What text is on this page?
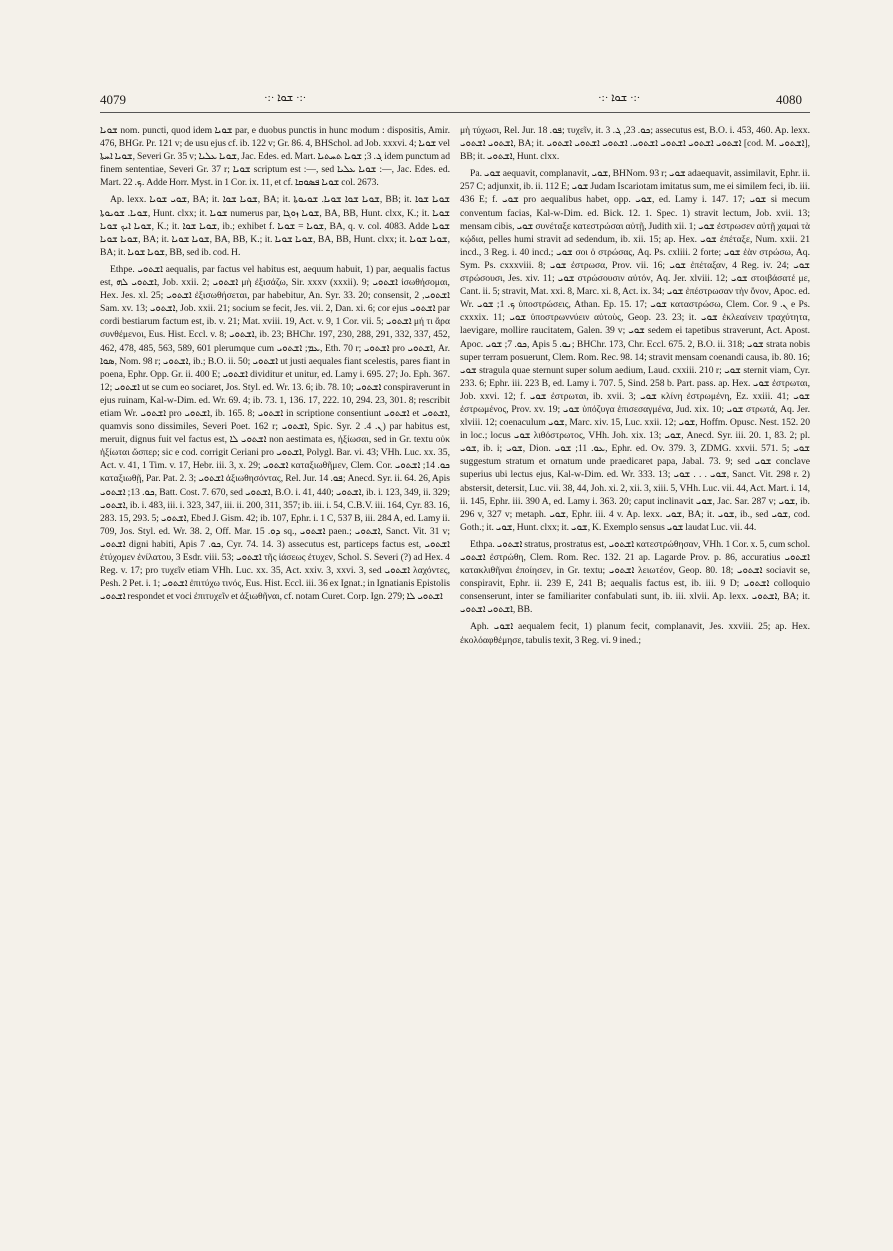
4079	·:· ܫܘܐ ·:·	·:· ܫܘܐ ·:·	4080

ܫܘܝܐ nom. puncti, quod idem ܫܘܝܐ par, e duobus punctis in hunc modum : dispositis, Amir. 476, BHGr. Pr. 121 v; de usu ejus cf. ib. 122 v; Gr. 86. 4, BHSchol. ad Job. xxxvi. 4; ܫܘܝܐ vel ܫܘܝܐ ܐܚܬܐ, Severi Gr. 35 v; ܫܘܝܐ ܥܠܝܐ, Jac. Edes. ed. Mart. ܓ. 3; ܫܘܝܐ ܬܚܬܝܐ idem punctum ad finem sententiae, Severi Gr. 37 r; ܫܘܝܐ scriptum est :—, sed ܫܘܝܐ ܥܠܝܐ :—, Jac. Edes. ed. Mart. ܟ. 22. Adde Horr. Myst. in 1 Cor. ix. 11, et cf. ܫܘܝܐ ܦܣܘܩܐ col. 2673.

Ap. lexx. ܫܘܝ ܫܘܝܐ, BA; it. ܫܘܝܐ ܫܘܐ, BA; it. ܫܘܝܐ ܫܘܐ ܫܘܝܐ. ܫܘܝܘܬܐ, BB; it. ܫܘܝܐ ܫܘܐ ܫܘܝܐ. ܫܘܝܘܬܐ, Hunt. clxx; it. ܫܘܝܐ numerus par, ܫܘܝܐ ܙܘܓܐ, BA, BB, Hunt. clxx, K.; it. ܫܘܝܐ ܫܘܝܐ ܐܝܟ ܫܘܝܐ, K.; it. ܫܘܝܐ ܫܘܐ, ib.; exhibet f. ܫܘܝܐ = ܫܘܝܐ, BA, q. v. col. 4083. Adde ܫܘܝܐ ܫܘܝܐ ܫܘܝܐ, BA; it. ܫܘܝܐ ܫܘܝܐ, BA, BB, K.; it. ܫܘܝܐ ܫܘܝܐ, BA, BB, Hunt. clxx; it. ܫܘܝܐ ܫܘܝܐ, BA; it. ܫܘܝܐ ܫܘܝܐ, BB, sed ib. cod. H.

Ethpe. ܐܫܬܘܝ aequalis, par factus vel habitus est, aequum habuit, 1) par, aequalis factus est, ܐܫܬܘܝ ܠܗ, Job. xxii. 2; ܐܫܬܘܝ μὴ ἐξισάζω, Sir. xxxv (xxxii). 9; ܐܫܬܘܝ ἰσωθήσομαι, Hex. Jes. xl. 25; ܐܫܬܘܝ ἐξισωθήσεται, par habebitur, An. Syr. 33. 20; consensit, ܐܫܬܘܝ, 2 Sam. xv. 13; ܐܫܬܘܝ, Job. xxii. 21; socium se fecit, Jes. vii. 2, Dan. xi. 6; cor ejus ܐܫܬܘܝ par cordi bestiarum factum est, ib. v. 21; Mat. xviii. 19, Act. v. 9, 1 Cor. vii. 5; ܐܫܬܘܝ μή τι ἄρα συνθέμενοι, Eus. Hist. Eccl. v. 8; ܐܫܬܘܝ, ib. 23; BHChr. 197, 230, 288, 291, 332, 337, 452, 462, 478, 485, 563, 589, 601 plerumque cum ܥܡ; ܐܫܬܘܝ, Eth. 70 r; ܐܫܬܘܝ pro ܐܫܬܘܝ, Ar. ܣܘܐ, Nom. 98 r; ܐܫܬܘܝ, ib.; B.O. ii. 50; ܐܫܬܘܝ ut justi aequales fiant scelestis, pares fiant in poena, Ephr. Opp. Gr. ii. 400 E; ܐܫܬܘܝ dividitur et unitur, ed. Lamy i. 695. 27; Jo. Eph. 367. 12; ܐܫܬܘܝ ut se cum eo sociaret, Jos. Styl. ed. Wr. 13. 6; ib. 78. 10; ܐܫܬܘܝ conspiraverunt in ejus ruinam, Kal-w-Dim. ed. Wr. 69. 4; ib. 73. 1, 136. 17, 222. 10, 294. 23, 301. 8; rescribit etiam Wr. ܐܫܬܘܝ pro ܐܫܬܘܝ, ib. 165. 8; ܐܫܬܘܝ in scriptione consentiunt ܐܫܬܘܝ et ܐܫܬܘܝ, quamvis sono dissimiles, Severi Poet. 162 r; ܐܫܬܘܝ, Spic. Syr. ܢ. 4. 2) par habitus est, meruit, dignus fuit vel factus est, ܐܫܬܘܝ ܠܐ non aestimata es, ἠξίωσαι, sed in Gr. textu οὐκ ἠξίωται ὥσπερ; sic e cod. corrigit Ceriani pro ܐܫܬܘܝ, Polygl. Bar. vi. 43; VHh. Luc. xx. 35, Act. v. 41, 1 Tim. v. 17, Hebr. iii. 3, x. 29; ܐܫܬܘܝ καταξιωθῆμεν, Clem. Cor. ܟܘ. 14; ܐܫܬܘܝ καταξιωθῇ, Par. Pat. 2. 3; ܐܫܬܘܝ ἀξιωθησόντας, Rel. Jur. ܦܘ. 14; Anecd. Syr. ii. 64. 26, Apis ܟܘ. 13; ܐܫܬܘܝ, Batt. Cost. 7. 670, sed ܐܫܬܘܝ, B.O. i. 41, 440; ܐܫܬܘܝ, ib. i. 123, 349, ii. 329; ܐܫܬܘܝ, ib. i. 483, iii. i. 323, 347, iii. ii. 200, 311, 357; ib. iii. i. 54, C.B.V. iii. 164, Cyr. 83. 16, 283. 15, 293. 5; ܐܫܬܘܝ, Ebed J. Gism. 42; ib. 107, Ephr. i. 1 C, 537 B, iii. 284 A, ed. Lamy ii. 709, Jos. Styl. ed. Wr. 38. 2, Off. Mar. ܕܘ. 15 sq., ܐܫܬܘܝ paen.; ܐܫܬܘܝ, Sanct. Vit. 31 v; ܐܫܬܘܝ digni habiti, Apis ܟܘ. 7, Cyr. 74. 14. 3) assecutus est, particeps factus est, ܐܫܬܘܝ ἐτύχομεν ἐνίλατου, 3 Esdr. viii. 53; ܐܫܬܘܝ τῆς ἰάσεως ἐτυχεν, Schol. S. Severi (?) ad Hex. 4 Reg. v. 17; pro τυχεῖν etiam VHh. Luc. xx. 35, Act. xxiv. 3, xxvi. 3, sed ܐܫܬܘܝ λαχόντες, Pesh. 2 Pet. i. 1; ܐܫܬܘܝ ἐπιτύχω τινός, Eus. Hist. Eccl. iii. 36 ex Ignat.; in Ignatianis Epistolis ܐܫܬܘܝ respondet et voci ἐπιτυχεῖν et ἀξιωθῆναι, cf. notam Curet. Corp. Ign. 279; ܐܫܬܘܝ ܠܐ

μὴ τύχωσι, Rel. Jur. ܦܘ. 18; τυχεῖν, it. ܟܘ. 23, ܓ. 3; assecutus est, B.O. i. 453, 460. Ap. lexx. ܐܫܬܘܝ ܐܫܬܘܝ, BA; it. ܐܫܬܘܝ ܐܫܬܘܝ ܐܫܬܘܝ ܐܫܬܘܝ. ܐܫܬܘܝ ܐܫܬܘܝ ܐܫܬܘܝ [cod. M. ܐܫܬܘܝ], BB; it. ܐܫܬܘܝ, Hunt. clxx.

Pa. ܫܘܝ aequavit, complanavit, ܫܘܝ, BHNom. 93 r; ܫܘܝ adaequavit, assimilavit, Ephr. ii. 257 C; adjunxit, ib. ii. 112 E; ܫܘܝ Judam Iscariotam imitatus sum, me ei similem feci, ib. iii. 436 E; f. ܫܘܝ pro aequalibus habet, opp. ܫܘܝ, ed. Lamy i. 147. 17; ܫܘܝ si mecum conventum facias, Kal-w-Dim. ed. Bick. 12. 1. Spec. 1) stravit lectum, Job. xvii. 13; mensam cibis, ܫܘܝ συνέταξε κατεστρώσαι αὐτῇ, Judith xii. 1; ܫܘܝ ἐστρωσεν αὐτῇ χαμαὶ τὰ κῴδια, pelles humi stravit ad sedendum, ib. xii. 15; ap. Hex. ܫܘܝ ἐπέταξε, Num. xxii. 21 incd., 3 Reg. i. 40 incd.; ܫܘܝ σοι ὁ στρώσας, Aq. Ps. cxliii. 2 forte; ܫܘܝ ἐὰν στρώσω, Aq. Sym. Ps. cxxxviii. 8; ܫܘܝ ἐστρωσα, Prov. vii. 16; ܫܘܝ ἐπέταξαν, 4 Reg. iv. 24; ܫܘܝ στρώσουσι, Jes. xiv. 11; ܫܘܝ στρώσουσιν αὐτόν, Aq. Jer. xlviii. 12; ܫܘܝ στοιβάσατέ με, Cant. ii. 5; stravit, Mat. xxi. 8, Marc. xi. 8, Act. ix. 34; ܫܘܝ ἐπέστρωσαν τὴν ὄνον, Apoc. ed. Wr. ܟ. 1; ܫܘܝ ὑποστρώσεις, Athan. Ep. 15. 17; ܫܘܝ καταστρώσω, Clem. Cor. ܢ. 9 e Ps. cxxxix. 11; ܫܘܝ ὑποστρωννύειν αὐτοὺς, Geop. 23. 23; it. ܫܘܝ ἐκλεαίνειν τραχύτητα, laevigare, mollire raucitatem, Galen. 39 v; ܫܘܝ sedem ei tapetibus straverunt, Act. Apost. Apoc. ܟܘ. 7; ܫܘܝ, Apis ܢܘ. 5; BHChr. 173, Chr. Eccl. 675. 2, B.O. ii. 318; ܫܘܝ strata nobis super terram posuerunt, Clem. Rom. Rec. 98. 14; stravit mensam coenandi causa, ib. 80. 16; ܫܘܝ stragula quae sternunt super solum aedium, Laud. cxxiii. 210 r; ܫܘܝ sternit viam, Cyr. 233. 6; Ephr. iii. 223 B, ed. Lamy i. 707. 5, Sind. 258 b. Part. pass. ap. Hex. ܫܘܝ ἐστρωται, Job. xxvi. 12; f. ܫܘܝ ἐστρωται, ib. xvii. 3; ܫܘܝ κλίνη ἐστρωμένη, Ez. xxiii. 41; ܫܘܝ ἐστρωμένος, Prov. xv. 19; ܫܘܝ ὑπόζυγα ἐπισεσαγμένα, Jud. xix. 10; ܫܘܝ στρωτά, Aq. Jer. xlviii. 12; coenaculum ܫܘܝ, Marc. xiv. 15, Luc. xxii. 12; ܫܘܝ, Hoffm. Opusc. Nest. 152. 20 in loc.; locus ܫܘܝ λιθόστρωτος, VHh. Joh. xix. 13; ܫܘܝ, Anecd. Syr. iii. 20. 1, 83. 2; pl. ܫܘܝ, ib. i; ܫܘܝ, Dion. ܥܘ. 11; ܫܘܝ, Ephr. ed. Ov. 379. 3, ZDMG. xxvii. 571. 5; ܫܘܝ suggestum stratum et ornatum unde praedicaret papa, Jabal. 73. 9; sed ܫܘܝ conclave superius ubi lectus ejus, Kal-w-Dim. ed. Wr. 333. 13; ܫܘܝ . . . ܫܘܝ, Sanct. Vit. 298 r. 2) abstersit, detersit, Luc. vii. 38, 44, Joh. xi. 2, xii. 3, xiii. 5, VHh. Luc. vii. 44, Act. Mart. i. 14, ii. 145, Ephr. iii. 390 A, ed. Lamy i. 363. 20; caput inclinavit ܫܘܝ, Jac. Sar. 287 v; ܫܘܝ, ib. 296 v, 327 v; metaph. ܫܘܝ, Ephr. iii. 4 v. Ap. lexx. ܫܘܝ, BA; it. ܫܘܝ, ib., sed ܫܘܝ, cod. Goth.; it. ܫܘܝ, Hunt. clxx; it. ܫܘܝ, K. Exemplo sensus ܫܘܝ laudat Luc. vii. 44.

Ethpa. ܐܫܬܘܝ stratus, prostratus est, ܐܫܬܘܝ κατεστρώθησαν, VHh. 1 Cor. x. 5, cum schol. ܐܫܬܘܝ ἐστρώθη, Clem. Rom. Rec. 132. 21 ap. Lagarde Prov. p. 86, accuratius ܐܫܬܘܝ κατακλιθῆναι ἐποίησεν, in Gr. textu; ܐܫܬܘܝ λειωτέον, Geop. 80. 18; ܐܫܬܘܝ sociavit se, conspiravit, Ephr. ii. 239 E, 241 B; aequalis factus est, ib. iii. 9 D; ܐܫܬܘܝ colloquio consenserunt, inter se familiariter confabulati sunt, ib. iii. xlvii. Ap. lexx. ܐܫܬܘܝ, BA; it. ܐܫܬܘܝ ܐܫܬܘܝ, BB.

Aph. ܐܫܘܝ aequalem fecit, 1) planum fecit, complanavit, Jes. xxviii. 25; ap. Hex. ἐκολόαφθέμησε, tabulis texit, 3 Reg. vi. 9 ined.;
